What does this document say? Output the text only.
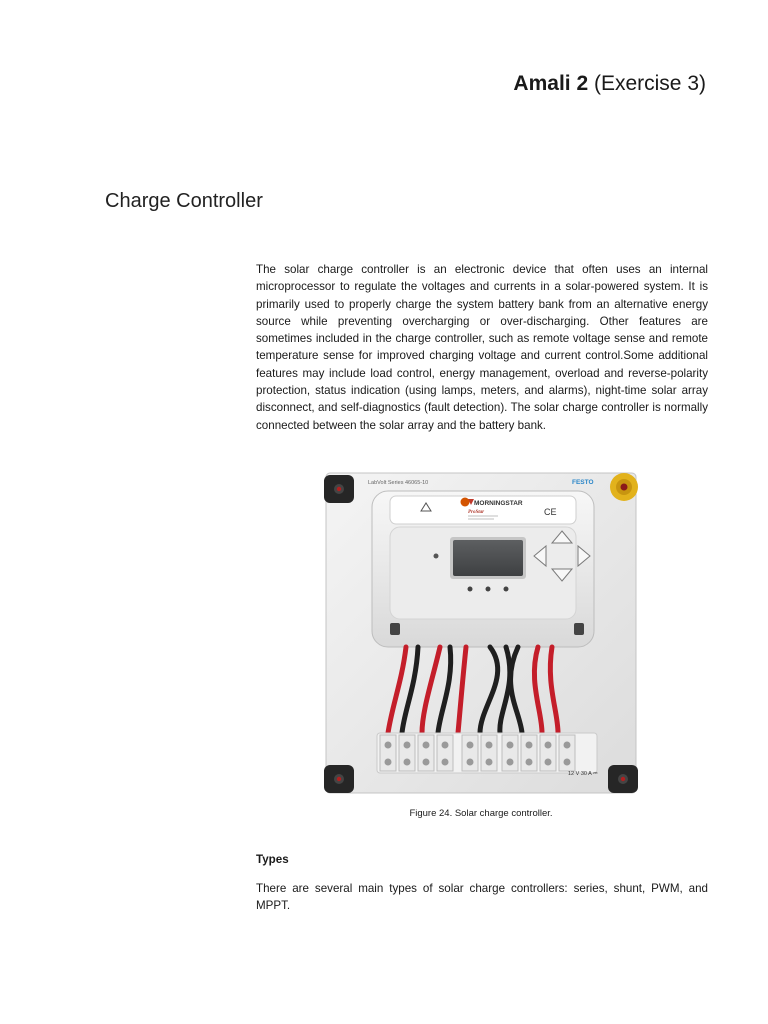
Amali 2 (Exercise 3)
Charge Controller

The solar charge controller is an electronic device that often uses an internal microprocessor to regulate the voltages and currents in a solar-powered system. It is primarily used to properly charge the system battery bank from an alternative energy source while preventing overcharging or over-discharging. Other features are sometimes included in the charge controller, such as remote voltage sense and remote temperature sense for improved charging voltage and current control.Some additional features may include load control, energy management, overload and reverse-polarity protection, status indication (using lamps, meters, and alarms), night-time solar array disconnect, and self-diagnostics (fault detection). The solar charge controller is normally connected between the solar array and the battery bank.

LabVolt Series 46065-10	FESTO
MORNINGSTAR
ProStar	CE
12 V 30 A ⎓
Figure 24. Solar charge controller.
Types

There are several main types of solar charge controllers: series, shunt, PWM, and MPPT.
